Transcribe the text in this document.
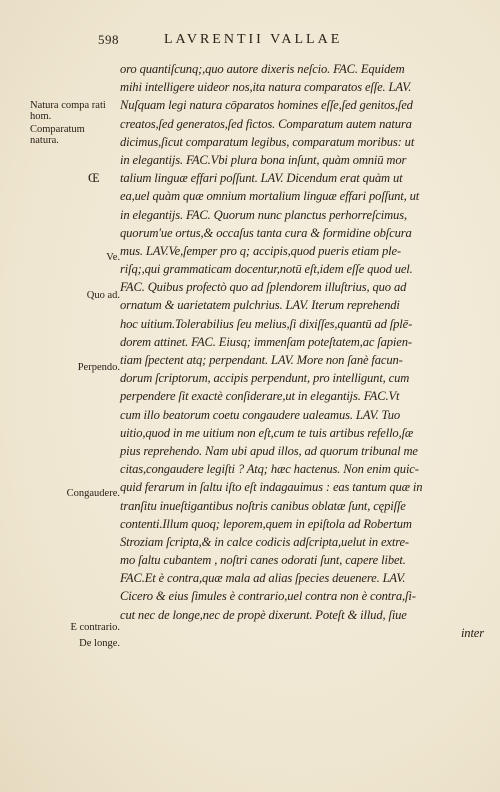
598	LAVRENTII VALLAE
Natura compa rati hom.
Comparatum natura.
Œ
Ve.
Quo ad.
Perpendo.
Congaudere.
E contrario.
De longe.
oro quantiſcunq;,quo autore dixeris neſcio. FAC. Equidem
mihi intelligere uideor nos,ita natura comparatos eſſe. LAV.
Nuſquam legi natura cōparatos homines eſſe,ſed genitos,ſed
creatos,ſed generatos,ſed fictos. Comparatum autem natura
dicimus,ſicut comparatum legibus, comparatum moribus: ut
in elegantijs. FAC.Vbi plura bona inſunt, quàm omniū mor
talium linguæ effari poſſunt. LAV. Dicendum erat quàm ut
ea,uel quàm quæ omnium mortalium linguæ effari poſſunt, ut
in elegantijs. FAC. Quorum nunc planctus perhorreſcimus,
quorum'ue ortus,& occaſus tanta cura & formidine obſcura
mus. LAV.Ve,ſemper pro q; accipis,quod pueris etiam ple-
riſq;,qui grammaticam docentur,notū eſt,idem eſſe quod uel.
FAC. Quibus profectò quo ad ſplendorem illuſtrius, quo ad
ornatum & uarietatem pulchrius. LAV. Iterum reprehendi
hoc uitium.Tolerabilius ſeu melius,ſi dixiſſes,quantū ad ſplē-
dorem attinet. FAC. Eiusq; immenſam poteſtatem,ac ſapien-
tiam ſpectent atq; perpendant. LAV. More non ſanè facun-
dorum ſcriptorum, accipis perpendunt, pro intelligunt, cum
perpendere ſit exactè conſiderare,ut in elegantijs. FAC.Vt
cum illo beatorum coetu congaudere ualeamus. LAV. Tuo
uitio,quod in me uitium non eſt,cum te tuis artibus refello,ſæ
pius reprehendo. Nam ubi apud illos, ad quorum tribunal me
citas,congaudere legiſti ? Atq; hæc hactenus. Non enim quic-
quid ferarum in ſaltu iſto eſt indagauimus : eas tantum quæ in
tranſitu inueſtigantibus noſtris canibus oblatæ ſunt, cępiſſe
contenti.Illum quoq; leporem,quem in epiſtola ad Robertum
Stroziam ſcripta,& in calce codicis adſcripta,uelut in extre-
mo ſaltu cubantem , noſtri canes odorati ſunt, capere libet.
FAC.Et è contra,quæ mala ad alias ſpecies deuenere. LAV.
Cicero & eius ſimules è contrario,uel contra non è contra,ſi-
cut nec de longe,nec de propè dixerunt. Poteſt & illud, ſiue
inter
